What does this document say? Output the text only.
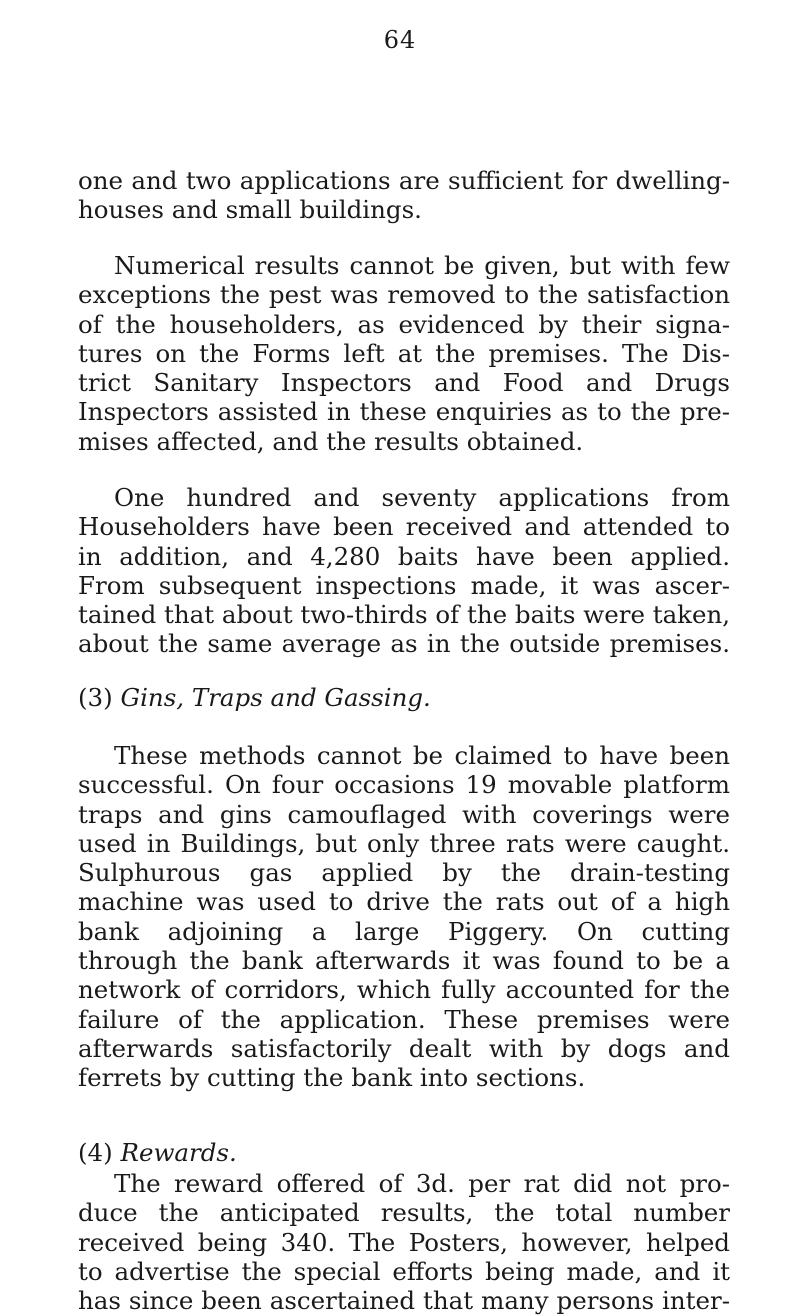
64
one and two applications are sufficient for dwelling-
houses and small buildings.
Numerical results cannot be given, but with few
exceptions the pest was removed to the satisfaction
of the householders, as evidenced by their signa-
tures on the Forms left at the premises. The Dis-
trict Sanitary Inspectors and Food and Drugs
Inspectors assisted in these enquiries as to the pre-
mises affected, and the results obtained.
One hundred and seventy applications from
Householders have been received and attended to
in addition, and 4,280 baits have been applied.
From subsequent inspections made, it was ascer-
tained that about two-thirds of the baits were taken,
about the same average as in the outside premises.
(3) Gins, Traps and Gassing.
These methods cannot be claimed to have been
successful. On four occasions 19 movable platform
traps and gins camouflaged with coverings were
used in Buildings, but only three rats were caught.
Sulphurous gas applied by the drain-testing
machine was used to drive the rats out of a high
bank adjoining a large Piggery. On cutting
through the bank afterwards it was found to be a
network of corridors, which fully accounted for the
failure of the application. These premises were
afterwards satisfactorily dealt with by dogs and
ferrets by cutting the bank into sections.
(4) Rewards.
The reward offered of 3d. per rat did not pro-
duce the anticipated results, the total number
received being 340. The Posters, however, helped
to advertise the special efforts being made, and it
has since been ascertained that many persons inter-
